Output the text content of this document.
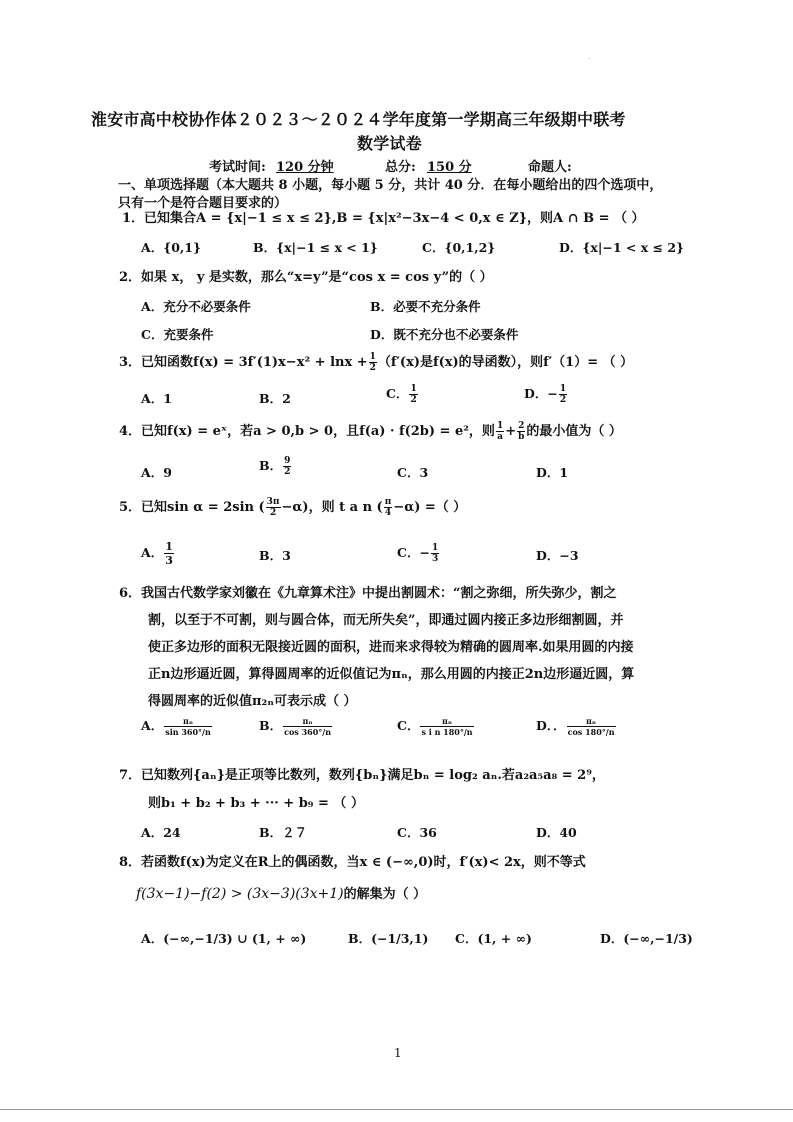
·
淮安市高中校协作体２０２３～２０２４学年度第一学期高三年级期中联考
数学试卷
考试时间: 120 分钟	总分: 150 分	命题人:
一、单项选择题（本大题共 8 小题，每小题 5 分，共计 40 分．在每小题给出的四个选项中，
只有一个是符合题目要求的）
1．已知集合A = {x|−1 ≤ x ≤ 2},B = {x|x²−3x−4 < 0,x ∈ Z}，则A ∩ B = （ ）
A．{0,1}	B．{x|−1 ≤ x < 1}	C．{0,1,2}	D．{x|−1 < x ≤ 2}
2．如果 x， y 是实数，那么“x=y”是“cos x = cos y”的（ ）
A．充分不必要条件	B．必要不充分条件
C．充要条件	D．既不充分也不必要条件
3．已知函数$f(x) = 3f'(1)x-x^2 + \ln x + \frac{1}{2} (f'(x)$是f(x)的导函数），则f′（1）= （ ）
A．1	B．2	C． $\frac{1}{2}$	D．− $\frac{1}{2}$
4．已知f(x) = eˣ，若a > 0,b > 0，且f(a) · f(2b) = e²，则 $\frac{1}{a} + \frac{2}{b}$ 的最小值为（ ）
A．9	B． $\frac{9}{2}$	C．3	D．1
5．已知sin α = 2sin ( $\frac{3\pi}{2} -\alpha$)，则 t a n ( $\frac{\pi}{4} -\alpha$) =（ ）
A． $\frac{1}{3}$	B．3	C．− $\frac{1}{3}$	D．−3
6．我国古代数学家刘徽在《九章算术注》中提出割圆术：“割之弥细，所失弥少，割之
割，以至于不可割，则与圆合体，而无所失矣”，即通过圆内接正多边形细割圆，并
使正多边形的面积无限接近圆的面积，进而来求得较为精确的圆周率.如果用圆的内接
正n边形逼近圆，算得圆周率的近似值记为πₙ，那么用圆的内接正2n边形逼近圆，算
得圆周率的近似值π₂ₙ可表示成（ ）
A． $\frac{\text{πₙ}}{\sin 360^\circ/n}$	B． $\frac{\text{πₙ}}{\cos 360^\circ/n}$	C． $\frac{\text{πₙ}}{\text{s i n 180°/n}}$	D．． $\frac{\text{πₙ}}{\cos 180^\circ/n}$
7．已知数列{aₙ}是正项等比数列，数列{bₙ}满足bₙ = log₂ aₙ.若a₂a₅a₈ = 2⁹，
则b₁ + b₂ + b₃ + ··· + b₉ = （ ）
A．24	B．２７	C．36	D．40
8．若函数f(x)为定义在R上的偶函数，当x ∈ (−∞,0)时，f′(x)< 2x，则不等式
f(3x−1)−f(2) > (3x−3)(3x+1)的解集为（ ）
A．(−∞,−1/3) ∪ (1, + ∞)	B．(−1/3,1) C．(1, + ∞)	D．(−∞,−1/3)
1
